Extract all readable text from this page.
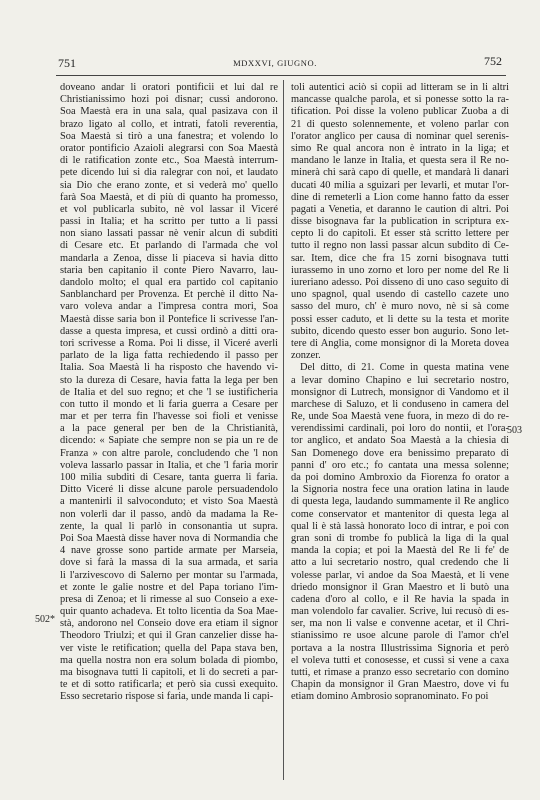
751	MDXXVI, GIUGNO.	752
doveano andar li oratori pontificii et lui dal re
Christianissimo hozi poi disnar; cussì andorono.
Soa Maestà era in una sala, qual pasizava con il
brazo ligato al collo, et intrati, fatoli reverentia,
Soa Maestà si tirò a una fanestra; et volendo lo
orator pontificio Azaioli alegrarsi con Soa Maestà
di le ratification zonte etc., Soa Maestà interrum-
pete dicendo lui si dia ralegrar con noi, et laudato
sia Dio che erano zonte, et si vederà mo' quello
farà Soa Maestà, et di più di quanto ha promesso,
et vol publicarla subito, nè vol lassar il Viceré
passi in Italia; et ha scritto per tutto a li passi
non siano lassati passar nè venir alcun di subditi
di Cesare etc. Et parlando di l'armada che vol
mandarla a Zenoa, disse li piaceva si havia ditto
staria ben capitanio il conte Piero Navarro, lau-
dandolo molto; el qual era partido col capitanio
Sanblanchard per Provenza. Et perchè il ditto Na-
varo voleva andar a l'impresa contra mori, Soa
Maestà disse saria bon il Pontefice li scrivesse l'an-
dasse a questa impresa, et cussì ordinò a ditti ora-
tori scrivesse a Roma. Poi li disse, il Viceré averli
parlato de la liga fatta rechiedendo il passo per
Italia. Soa Maestà li ha risposto che havendo vi-
sto la dureza di Cesare, havia fatta la lega per ben
de Italia et del suo regno; et che 'l se iustificheria
con tutto il mondo et li faria guerra a Cesare per
mar et per terra fin l'havesse soi fioli et venisse
a la pace general per ben de la Christianità,
dicendo: « Sapiate che sempre non se pia un re de
Franza » con altre parole, concludendo che 'l non
voleva lassarlo passar in Italia, et che 'l faria morir
100 milia subditi di Cesare, tanta guerra li faria.
Ditto Viceré li disse alcune parole persuadendolo
a mantenirli il salvoconduto; et visto Soa Maestà
non volerli dar il passo, andò da madama la Re-
zente, la qual li parlò in consonantia ut supra.
Poi Soa Maestà disse haver nova di Normandia che
4 nave grosse sono partide armate per Marseia,
dove si farà la massa di la sua armada, et saria
li l'arzivescovo di Salerno per montar su l'armada,
et zonte le galie nostre et del Papa toriano l'im-
presa di Zenoa; et li rimesse al suo Conseio a exe-
quir quanto achadeva. Et tolto licentia da Soa Mae-
stà, andorono nel Conseio dove era etiam il signor
Theodoro Triulzi; et qui il Gran canzelier disse ha-
ver viste le retification; quella del Papa stava ben,
ma quella nostra non era solum bolada di piombo,
ma bisognava tutti li capitoli, et li do secreti a par-
te et di sotto ratificarla; et però sia cussì exequito.
Esso secretario rispose si faria, unde manda li capi-
toli autentici aciò si copii ad litteram se in li altri
mancasse qualche parola, et si ponesse sotto la ra-
tification. Poi disse la voleno publicar Zuoba a di
21 di questo solennemente, et voleno parlar con
l'orator anglico per causa di nominar quel serenis-
simo Re qual ancora non è intrato in la liga; et
mandano le lanze in Italia, et questa sera il Re no-
minerà chi sarà capo di quelle, et mandarà li danari
ducati 40 milia a sguizari per levarli, et mutar l'or-
dine di remeterli a Lion come hanno fatto da esser
pagati a Venetia, et daranno le caution di altri. Poi
disse bisognava far la publication in scriptura ex-
cepto li do capitoli. Et esser stà scritto lettere per
tutto il regno non lassi passar alcun subdito di Ce-
sar. Item, dice che fra 15 zorni bisognava tutti
iurassemo in uno zorno et loro per nome del Re li
iureriano adesso. Poi disseno di uno caso seguito di
uno spagnol, qual usendo di castello cazete uno
sasso del muro, ch' è muro novo, nè si sà come
possi esser caduto, et li dette su la testa et morite
subito, dicendo questo esser bon augurio. Sono let-
tere di Anglia, come monsignor di la Moreta dovea
zonzer.
Del ditto, di 21. Come in questa matina vene
a levar domino Chapino e lui secretario nostro,
monsignor di Lutrech, monsignor di Vandomo et il
marchese di Saluzo, et li conduseno in camera del
Re, unde Soa Maestà vene fuora, in mezo di do re-
verendissimi cardinali, poi loro do nontii, et l'ora-
tor anglico, et andato Soa Maestà a la chiesia di
San Domenego dove era benissimo preparato di
panni d' oro etc.; fo cantata una messa solenne;
da poi domino Ambroxio da Fiorenza fo orator a
la Signoria nostra fece una oration latina in laude
di questa lega, laudando summamente il Re anglico
come conservator et mantenitor di questa lega al
qual li è stà lassà honorato loco di intrar, e poi con
gran soni di trombe fo publicà la liga di la qual
manda la copia; et poi la Maestà del Re li fe' de
atto a lui secretario nostro, qual credendo che li
volesse parlar, vi andoe da Soa Maestà, et li vene
driedo monsignor il Gran Maestro et li butò una
cadena d'oro al collo, e il Re havia la spada in
man volendolo far cavalier. Scrive, lui recusò di es-
ser, ma non li valse e convenne acetar, et il Chri-
stianissimo re usoe alcune parole di l'amor ch'el
portava a la nostra Illustrissima Signoria et però
el voleva tutti et conosesse, et cussì si vene a caxa
tutti, et rimase a pranzo esso secretario con domino
Chapin da monsignor il Gran Maestro, dove vi fu
etiam domino Ambrosio sopranominato. Fo poi
502*
503
